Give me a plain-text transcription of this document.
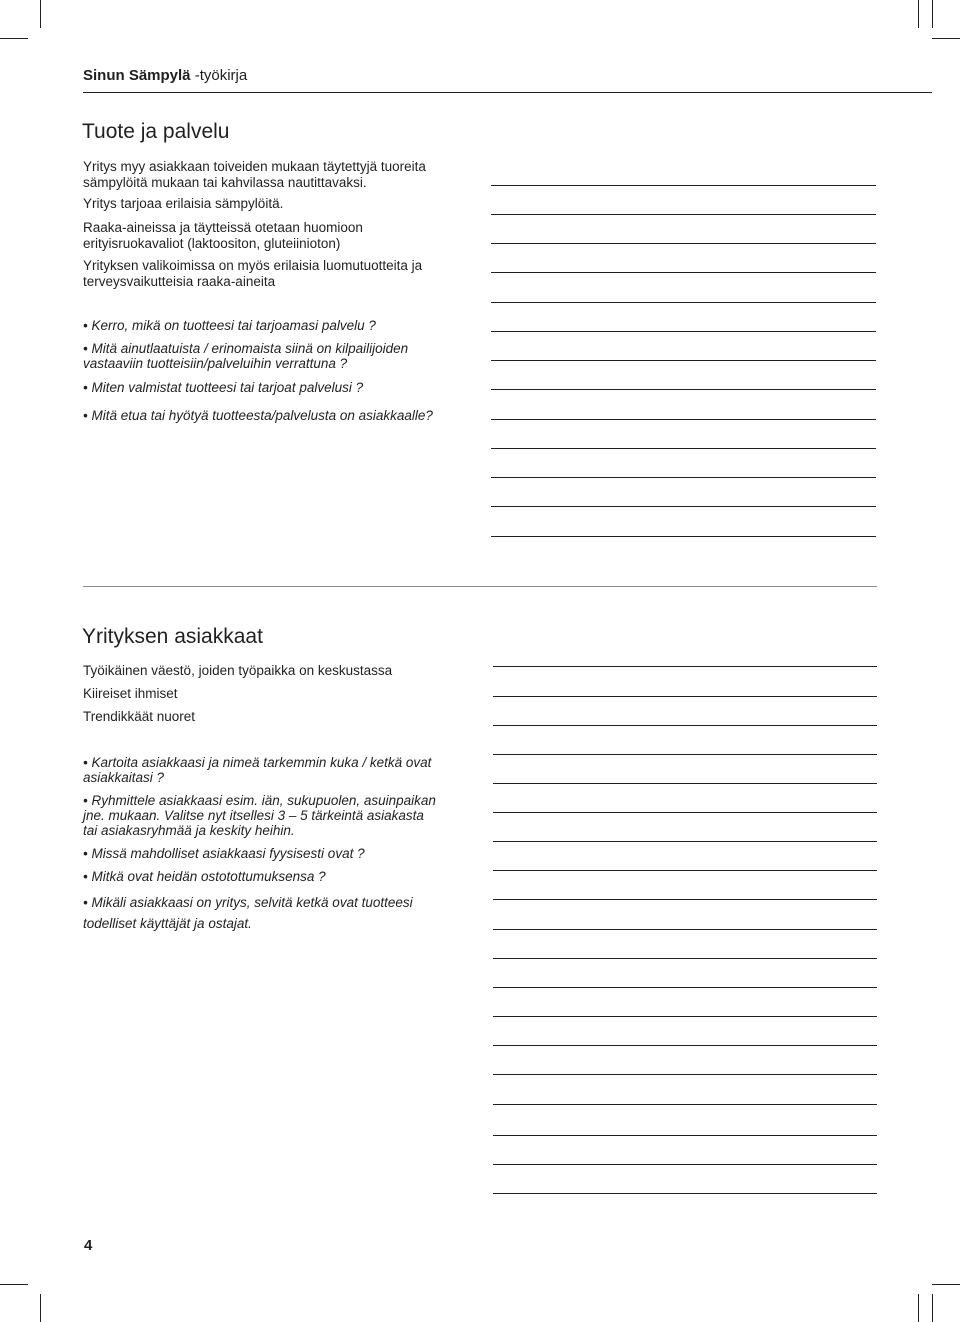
Sinun Sämpylä -työkirja
Tuote ja palvelu
Yritys myy asiakkaan toiveiden mukaan täytettyjä tuoreita
sämpylöitä mukaan tai kahvilassa nautittavaksi.
Yritys tarjoaa erilaisia sämpylöitä.
Raaka-aineissa ja täytteissä otetaan huomioon
erityisruokavaliot (laktoositon, gluteiinioton)
Yrityksen valikoimissa on myös erilaisia luomutuotteita ja
terveysvaikutteisia raaka-aineita
• Kerro, mikä on tuotteesi tai tarjoamasi palvelu ?
• Mitä ainutlaatuista / erinomaista siinä on kilpailijoiden
vastaaviin tuotteisiin/palveluihin verrattuna ?
• Miten valmistat tuotteesi tai tarjoat palvelusi ?
• Mitä etua tai hyötyä tuotteesta/palvelusta on asiakkaalle?
Yrityksen asiakkaat
Työikäinen väestö, joiden työpaikka on keskustassa
Kiireiset ihmiset
Trendikkäät nuoret
• Kartoita asiakkaasi ja nimeä tarkemmin kuka / ketkä ovat
asiakkaitasi ?
• Ryhmittele asiakkaasi esim. iän, sukupuolen, asuinpaikan
jne. mukaan. Valitse nyt itsellesi 3 – 5 tärkeintä asiakasta
tai asiakasryhmää ja keskity heihin.
• Missä mahdolliset asiakkaasi fyysisesti ovat ?
• Mitkä ovat heidän ostotottumuksensa ?
• Mikäli asiakkaasi on yritys, selvitä ketkä ovat tuotteesi
todelliset käyttäjät ja ostajat.
4
